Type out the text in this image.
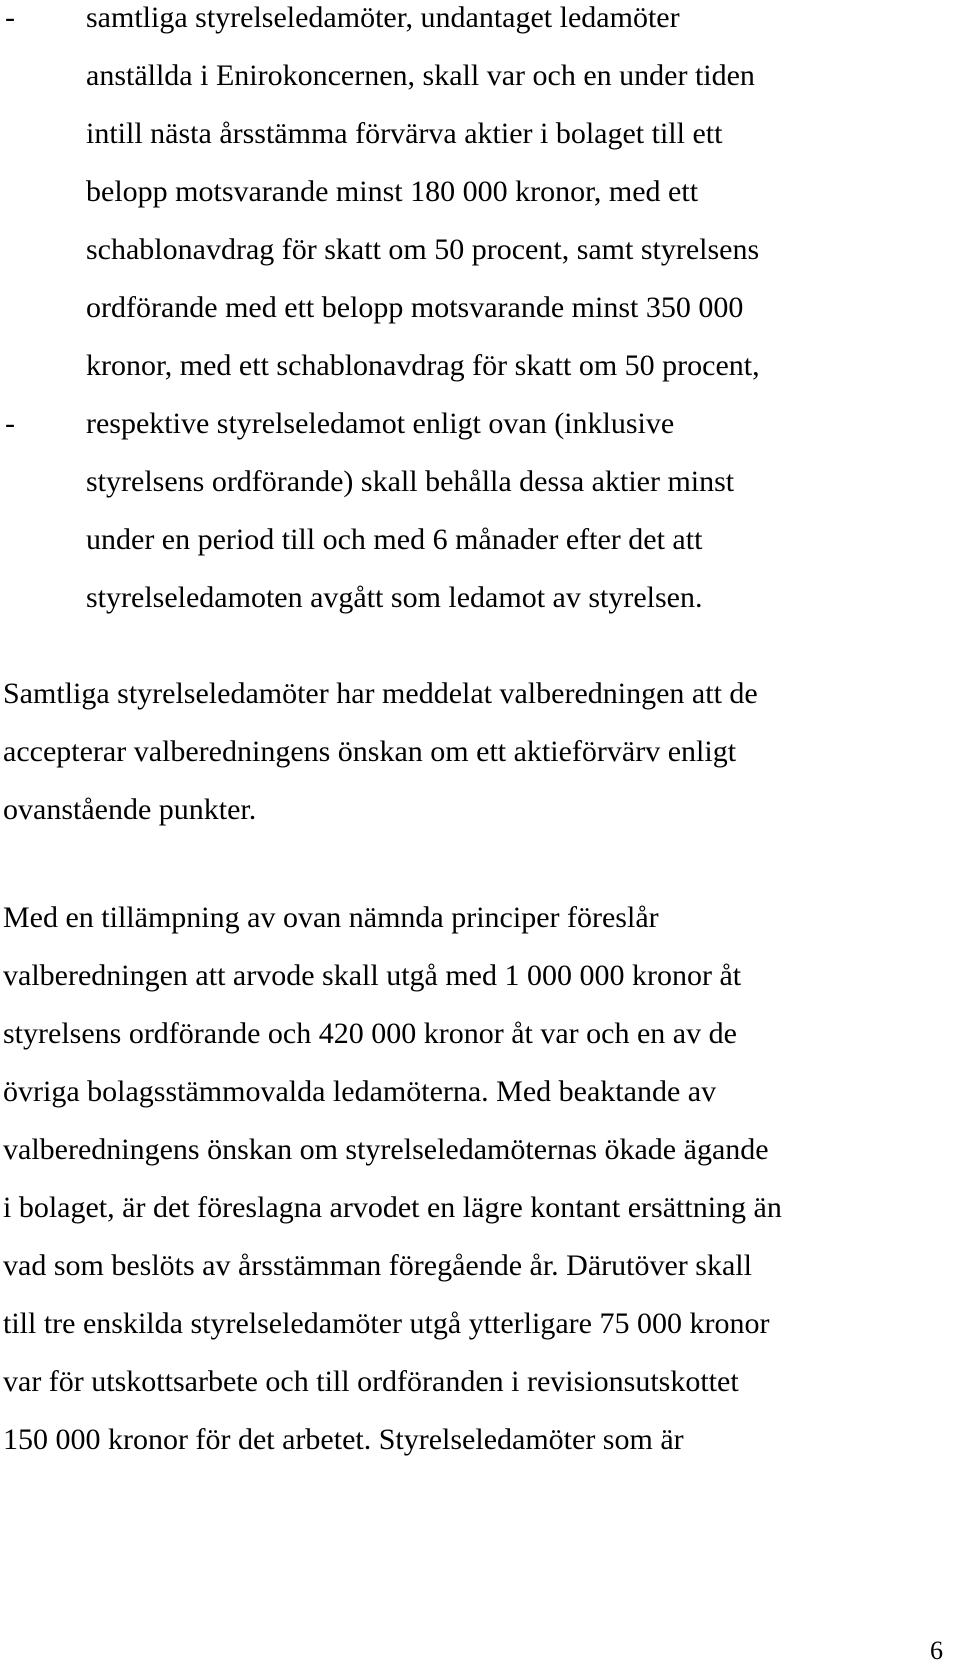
- samtliga styrelseledamöter, undantaget ledamöter
anställda i Enirokoncernen, skall var och en under tiden
intill nästa årsstämma förvärva aktier i bolaget till ett
belopp motsvarande minst 180 000 kronor, med ett
schablonavdrag för skatt om 50 procent, samt styrelsens
ordförande med ett belopp motsvarande minst 350 000
kronor, med ett schablonavdrag för skatt om 50 procent,
- respektive styrelseledamot enligt ovan (inklusive
styrelsens ordförande) skall behålla dessa aktier minst
under en period till och med 6 månader efter det att
styrelseledamoten avgått som ledamot av styrelsen.
Samtliga styrelseledamöter har meddelat valberedningen att de
accepterar valberedningens önskan om ett aktieförvärv enligt
ovanstående punkter.
Med en tillämpning av ovan nämnda principer föreslår
valberedningen att arvode skall utgå med 1 000 000 kronor åt
styrelsens ordförande och 420 000 kronor åt var och en av de
övriga bolagsstämmovalda ledamöterna. Med beaktande av
valberedningens önskan om styrelseledamöternas ökade ägande
i bolaget, är det föreslagna arvodet en lägre kontant ersättning än
vad som beslöts av årsstämman föregående år. Därutöver skall
till tre enskilda styrelseledamöter utgå ytterligare 75 000 kronor
var för utskottsarbete och till ordföranden i revisionsutskottet
150 000 kronor för det arbetet. Styrelseledamöter som är
6
